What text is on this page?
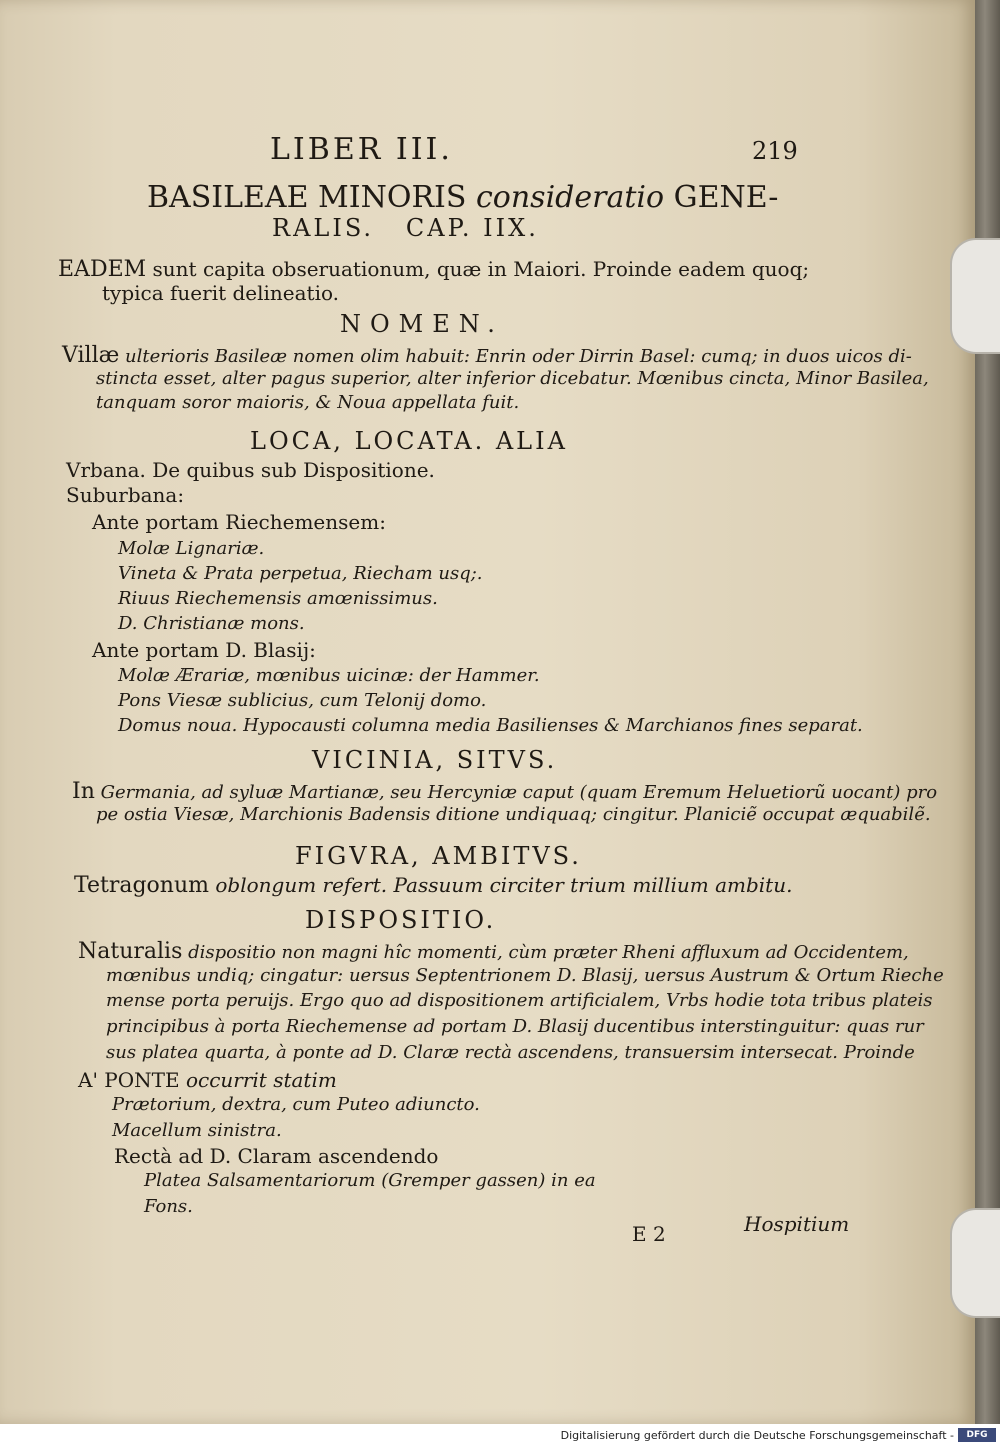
LIBER III.	219
BASILEAE MINORIS consideratio GENE-
RALIS.   CAP. IIX.
EADEM sunt capita obseruationum, quæ in Maiori. Proinde eadem quoq;
typica fuerit delineatio.
NOMEN.
Villæ ulterioris Basileæ nomen olim habuit: Enrin oder Dirrin Basel: cumq; in duos uicos di-
stincta esset, alter pagus superior, alter inferior dicebatur. Mœnibus cincta, Minor Basilea,
tanquam soror maioris, & Noua appellata fuit.
LOCA, LOCATA. ALIA
Vrbana. De quibus sub Dispositione.
Suburbana:
Ante portam Riechemensem:
Molæ Lignariæ.
Vineta & Prata perpetua, Riecham usq;.
Riuus Riechemensis amœnissimus.
D. Christianæ mons.
Ante portam D. Blasij:
Molæ Ærariæ, mœnibus uicinæ: der Hammer.
Pons Viesæ sublicius, cum Telonij domo.
Domus noua. Hypocausti columna media Basilienses & Marchianos fines separat.
VICINIA, SITVS.
In Germania, ad syluæ Martianæ, seu Hercyniæ caput (quam Eremum Heluetiorũ uocant) pro
pe ostia Viesæ, Marchionis Badensis ditione undiquaq; cingitur. Planiciẽ occupat æquabilẽ.
FIGVRA, AMBITVS.
Tetragonum oblongum refert. Passuum circiter trium millium ambitu.
DISPOSITIO.
Naturalis dispositio non magni hîc momenti, cùm præter Rheni affluxum ad Occidentem,
mœnibus undiq; cingatur: uersus Septentrionem D. Blasij, uersus Austrum & Ortum Rieche
mense porta peruijs. Ergo quo ad dispositionem artificialem, Vrbs hodie tota tribus plateis
principibus à porta Riechemense ad portam D. Blasij ducentibus interstinguitur: quas rur
sus platea quarta, à ponte ad D. Claræ rectà ascendens, transuersim intersecat. Proinde
A' PONTE occurrit statim
Prætorium, dextra, cum Puteo adiuncto.
Macellum sinistra.
Rectà ad D. Claram ascendendo
Platea Salsamentariorum (Gremper gassen) in ea
Fons.
E 2	Hospitium
Digitalisierung gefördert durch die Deutsche Forschungsgemeinschaft -	DFG
